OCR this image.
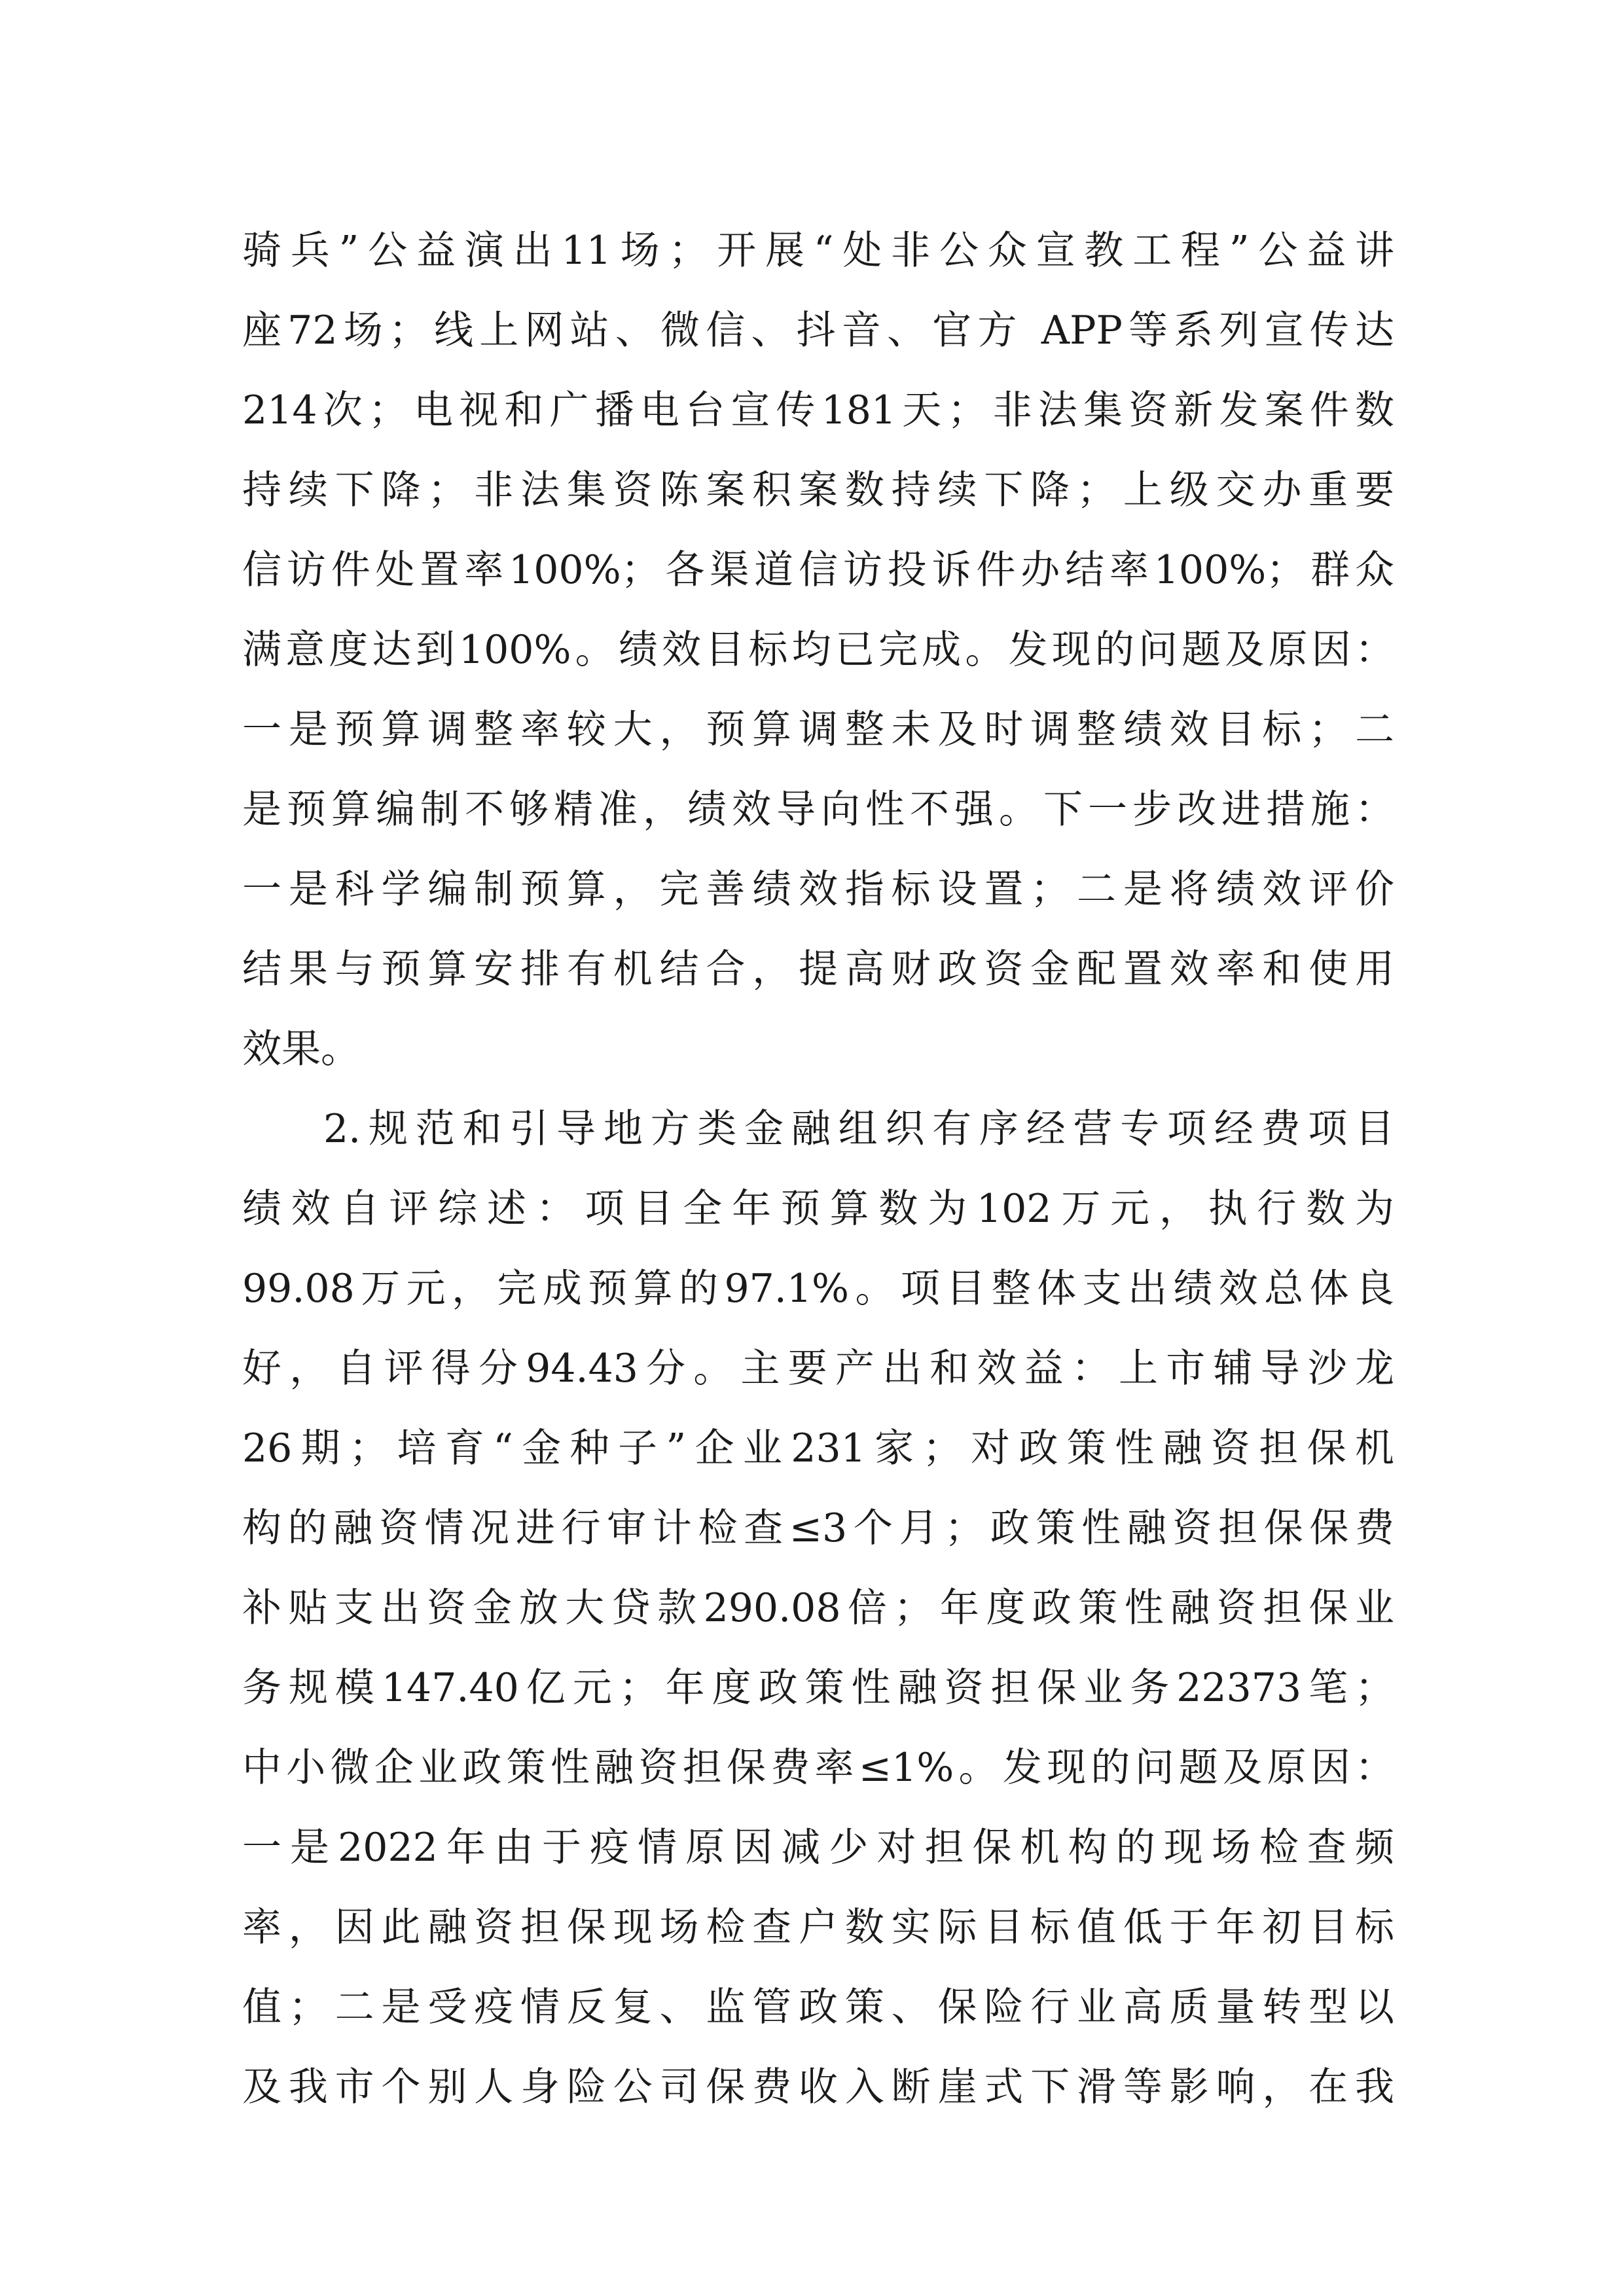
骑兵”公益演出11场；开展“处非公众宣教工程”公益讲
座72场；线上网站、微信、抖音、官方 APP等系列宣传达
214次；电视和广播电台宣传181天；非法集资新发案件数
持续下降；非法集资陈案积案数持续下降；上级交办重要
信访件处置率100%；各渠道信访投诉件办结率100%；群众
满意度达到100%。绩效目标均已完成。发现的问题及原因：
一是预算调整率较大，预算调整未及时调整绩效目标；二
是预算编制不够精准，绩效导向性不强。下一步改进措施：
一是科学编制预算，完善绩效指标设置；二是将绩效评价
结果与预算安排有机结合，提高财政资金配置效率和使用
效果。
2.规范和引导地方类金融组织有序经营专项经费项目
绩效自评综述：项目全年预算数为102万元，执行数为
99.08万元，完成预算的97.1%。项目整体支出绩效总体良
好，自评得分94.43分。主要产出和效益：上市辅导沙龙
26期；培育“金种子”企业231家；对政策性融资担保机
构的融资情况进行审计检查≤3个月；政策性融资担保保费
补贴支出资金放大贷款290.08倍；年度政策性融资担保业
务规模147.40亿元；年度政策性融资担保业务22373笔；
中小微企业政策性融资担保费率≤1%。发现的问题及原因：
一是2022年由于疫情原因减少对担保机构的现场检查频
率，因此融资担保现场检查户数实际目标值低于年初目标
值；二是受疫情反复、监管政策、保险行业高质量转型以
及我市个别人身险公司保费收入断崖式下滑等影响，在我
